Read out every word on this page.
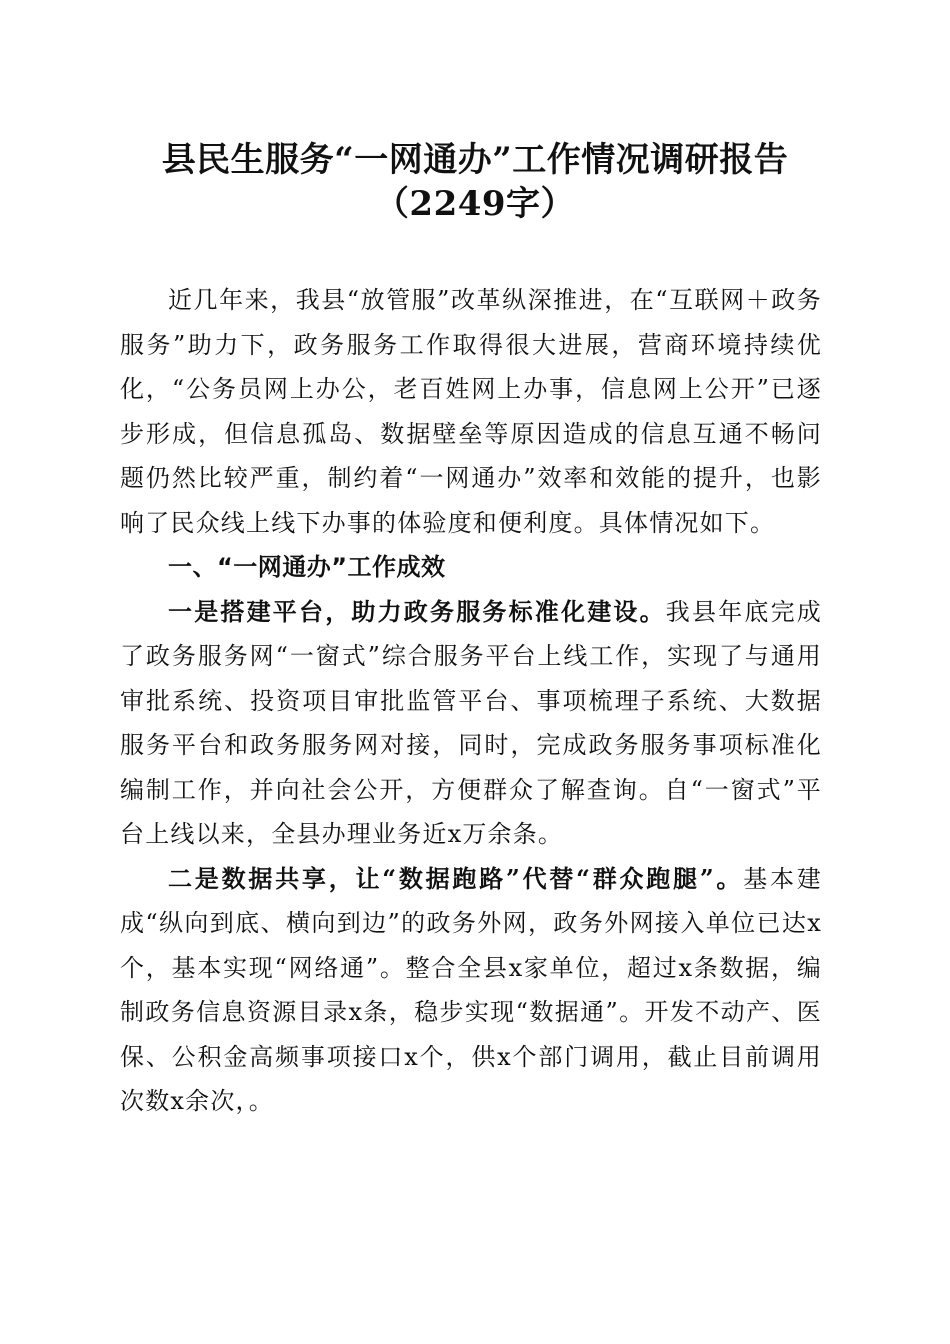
县民生服务“一网通办”工作情况调研报告
（2249字）

近几年来，我县“放管服”改革纵深推进，在“互联网＋政务服务”助力下，政务服务工作取得很大进展，营商环境持续优化，“公务员网上办公，老百姓网上办事，信息网上公开”已逐步形成，但信息孤岛、数据壁垒等原因造成的信息互通不畅问题仍然比较严重，制约着“一网通办”效率和效能的提升，也影响了民众线上线下办事的体验度和便利度。具体情况如下。

一、“一网通办”工作成效

一是搭建平台，助力政务服务标准化建设。我县年底完成了政务服务网“一窗式”综合服务平台上线工作，实现了与通用审批系统、投资项目审批监管平台、事项梳理子系统、大数据服务平台和政务服务网对接，同时，完成政务服务事项标准化编制工作，并向社会公开，方便群众了解查询。自“一窗式”平台上线以来，全县办理业务近x万余条。

二是数据共享，让“数据跑路”代替“群众跑腿”。基本建成“纵向到底、横向到边”的政务外网，政务外网接入单位已达x个，基本实现“网络通”。整合全县x家单位，超过x条数据，编制政务信息资源目录x条，稳步实现“数据通”。开发不动产、医保、公积金高频事项接口x个，供x个部门调用，截止目前调用次数x余次，。
